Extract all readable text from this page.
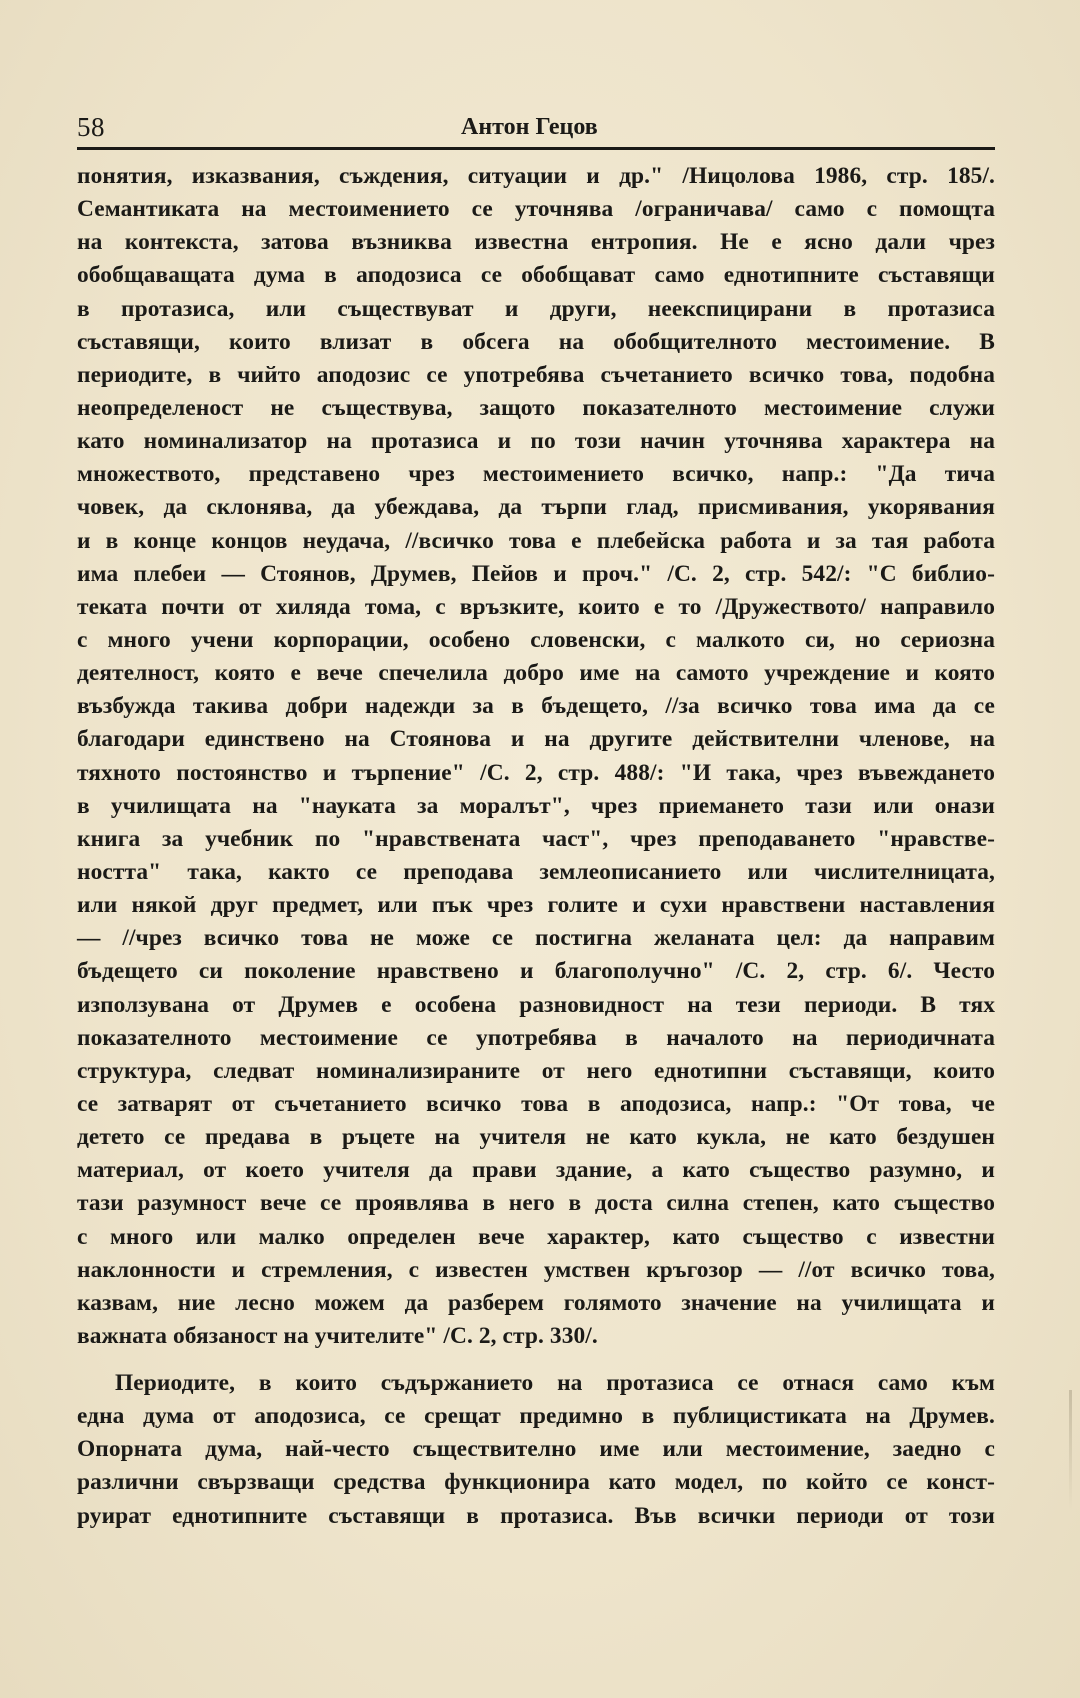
58	Антон Гецов
понятия, изказвания, съждения, ситуации и др." /Ницолова 1986, стр. 185/.
Семантиката на местоимението се уточнява /ограничава/ само с помощта
на контекста, затова възниква известна ентропия. Не е ясно дали чрез
обобщаващата дума в аподозиса се обобщават само еднотипните съставящи
в протазиса, или съществуват и други, неекспицирани в протазиса
съставящи, които влизат в обсега на обобщителното местоимение. В
периодите, в чийто аподозис се употребява съчетанието всичко това, подобна
неопределеност не съществува, защото показателното местоимение служи
като номинализатор на протазиса и по този начин уточнява характера на
множеството, представено чрез местоимението всичко, напр.: "Да тича
човек, да склонява, да убеждава, да търпи глад, присмивания, укорявания
и в конце концов неудача, //всичко това е плебейска работа и за тая работа
има плебеи — Стоянов, Друмев, Пейов и проч." /С. 2, стр. 542/: "С библио-
теката почти от хиляда тома, с връзките, които е то /Дружеството/ направило
с много учени корпорации, особено словенски, с малкото си, но сериозна
деятелност, която е вече спечелила добро име на самото учреждение и която
възбужда такива добри надежди за в бъдещето, //за всичко това има да се
благодари единствено на Стоянова и на другите действителни членове, на
тяхното постоянство и търпение" /С. 2, стр. 488/: "И така, чрез въвеждането
в училищата на "науката за моралът", чрез приемането тази или онази
книга за учебник по "нравствената част", чрез преподаването "нравстве-
ността" така, както се преподава землеописанието или числителницата,
или някой друг предмет, или пък чрез голите и сухи нравствени наставления
— //чрез всичко това не може се постигна желаната цел: да направим
бъдещето си поколение нравствено и благополучно" /С. 2, стр. 6/. Често
използувана от Друмев е особена разновидност на тези периоди. В тях
показателното местоимение се употребява в началото на периодичната
структура, следват номинализираните от него еднотипни съставящи, които
се затварят от съчетанието всичко това в аподозиса, напр.: "От това, че
детето се предава в ръцете на учителя не като кукла, не като бездушен
материал, от което учителя да прави здание, а като същество разумно, и
тази разумност вече се проявлява в него в доста силна степен, като същество
с много или малко определен вече характер, като същество с известни
наклонности и стремления, с известен умствен кръгозор — //от всичко това,
казвам, ние лесно можем да разберем голямото значение на училищата и
важната обязаност на учителите" /С. 2, стр. 330/.
Периодите, в които съдържанието на протазиса се отнася само към
една дума от аподозиса, се срещат предимно в публицистиката на Друмев.
Опорната дума, най-често съществително име или местоимение, заедно с
различни свързващи средства функционира като модел, по който се конст-
руират еднотипните съставящи в протазиса. Във всички периоди от този
